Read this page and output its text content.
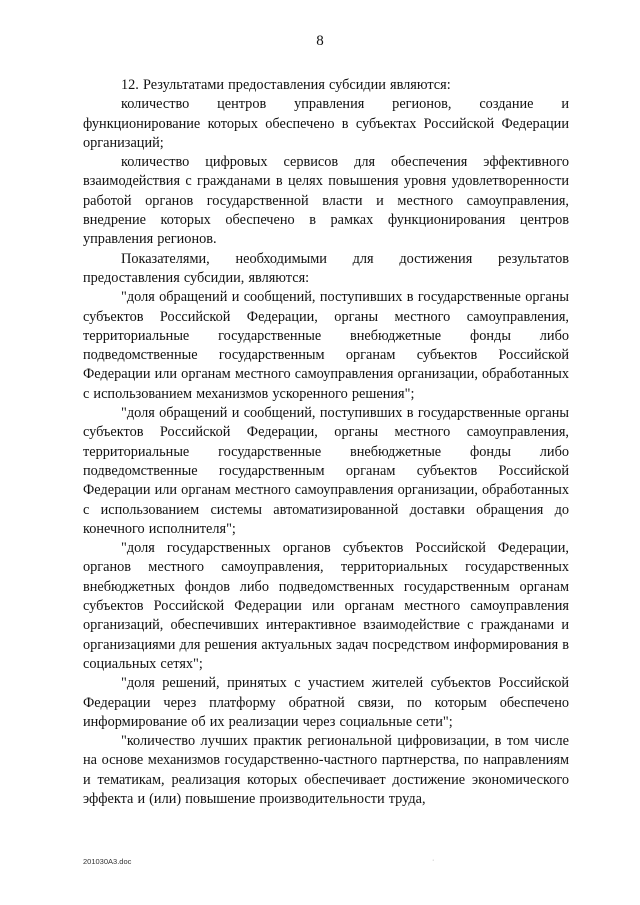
8

12. Результатами предоставления субсидии являются:

количество центров управления регионов, создание и функционирование которых обеспечено в субъектах Российской Федерации организаций;

количество цифровых сервисов для обеспечения эффективного взаимодействия с гражданами в целях повышения уровня удовлетворенности работой органов государственной власти и местного самоуправления, внедрение которых обеспечено в рамках функционирования центров управления регионов.

Показателями, необходимыми для достижения результатов предоставления субсидии, являются:

"доля обращений и сообщений, поступивших в государственные органы субъектов Российской Федерации, органы местного самоуправления, территориальные государственные внебюджетные фонды либо подведомственные государственным органам субъектов Российской Федерации или органам местного самоуправления организации, обработанных с использованием механизмов ускоренного решения";

"доля обращений и сообщений, поступивших в государственные органы субъектов Российской Федерации, органы местного самоуправления, территориальные государственные внебюджетные фонды либо подведомственные государственным органам субъектов Российской Федерации или органам местного самоуправления организации, обработанных с использованием системы автоматизированной доставки обращения до конечного исполнителя";

"доля государственных органов субъектов Российской Федерации, органов местного самоуправления, территориальных государственных внебюджетных фондов либо подведомственных государственным органам субъектов Российской Федерации или органам местного самоуправления организаций, обеспечивших интерактивное взаимодействие с гражданами и организациями для решения актуальных задач посредством информирования в социальных сетях";

"доля решений, принятых с участием жителей субъектов Российской Федерации через платформу обратной связи, по которым обеспечено информирование об их реализации через социальные сети";

"количество лучших практик региональной цифровизации, в том числе на основе механизмов государственно-частного партнерства, по направлениям и тематикам, реализация которых обеспечивает достижение экономического эффекта и (или) повышение производительности труда,

201030A3.doc	·
